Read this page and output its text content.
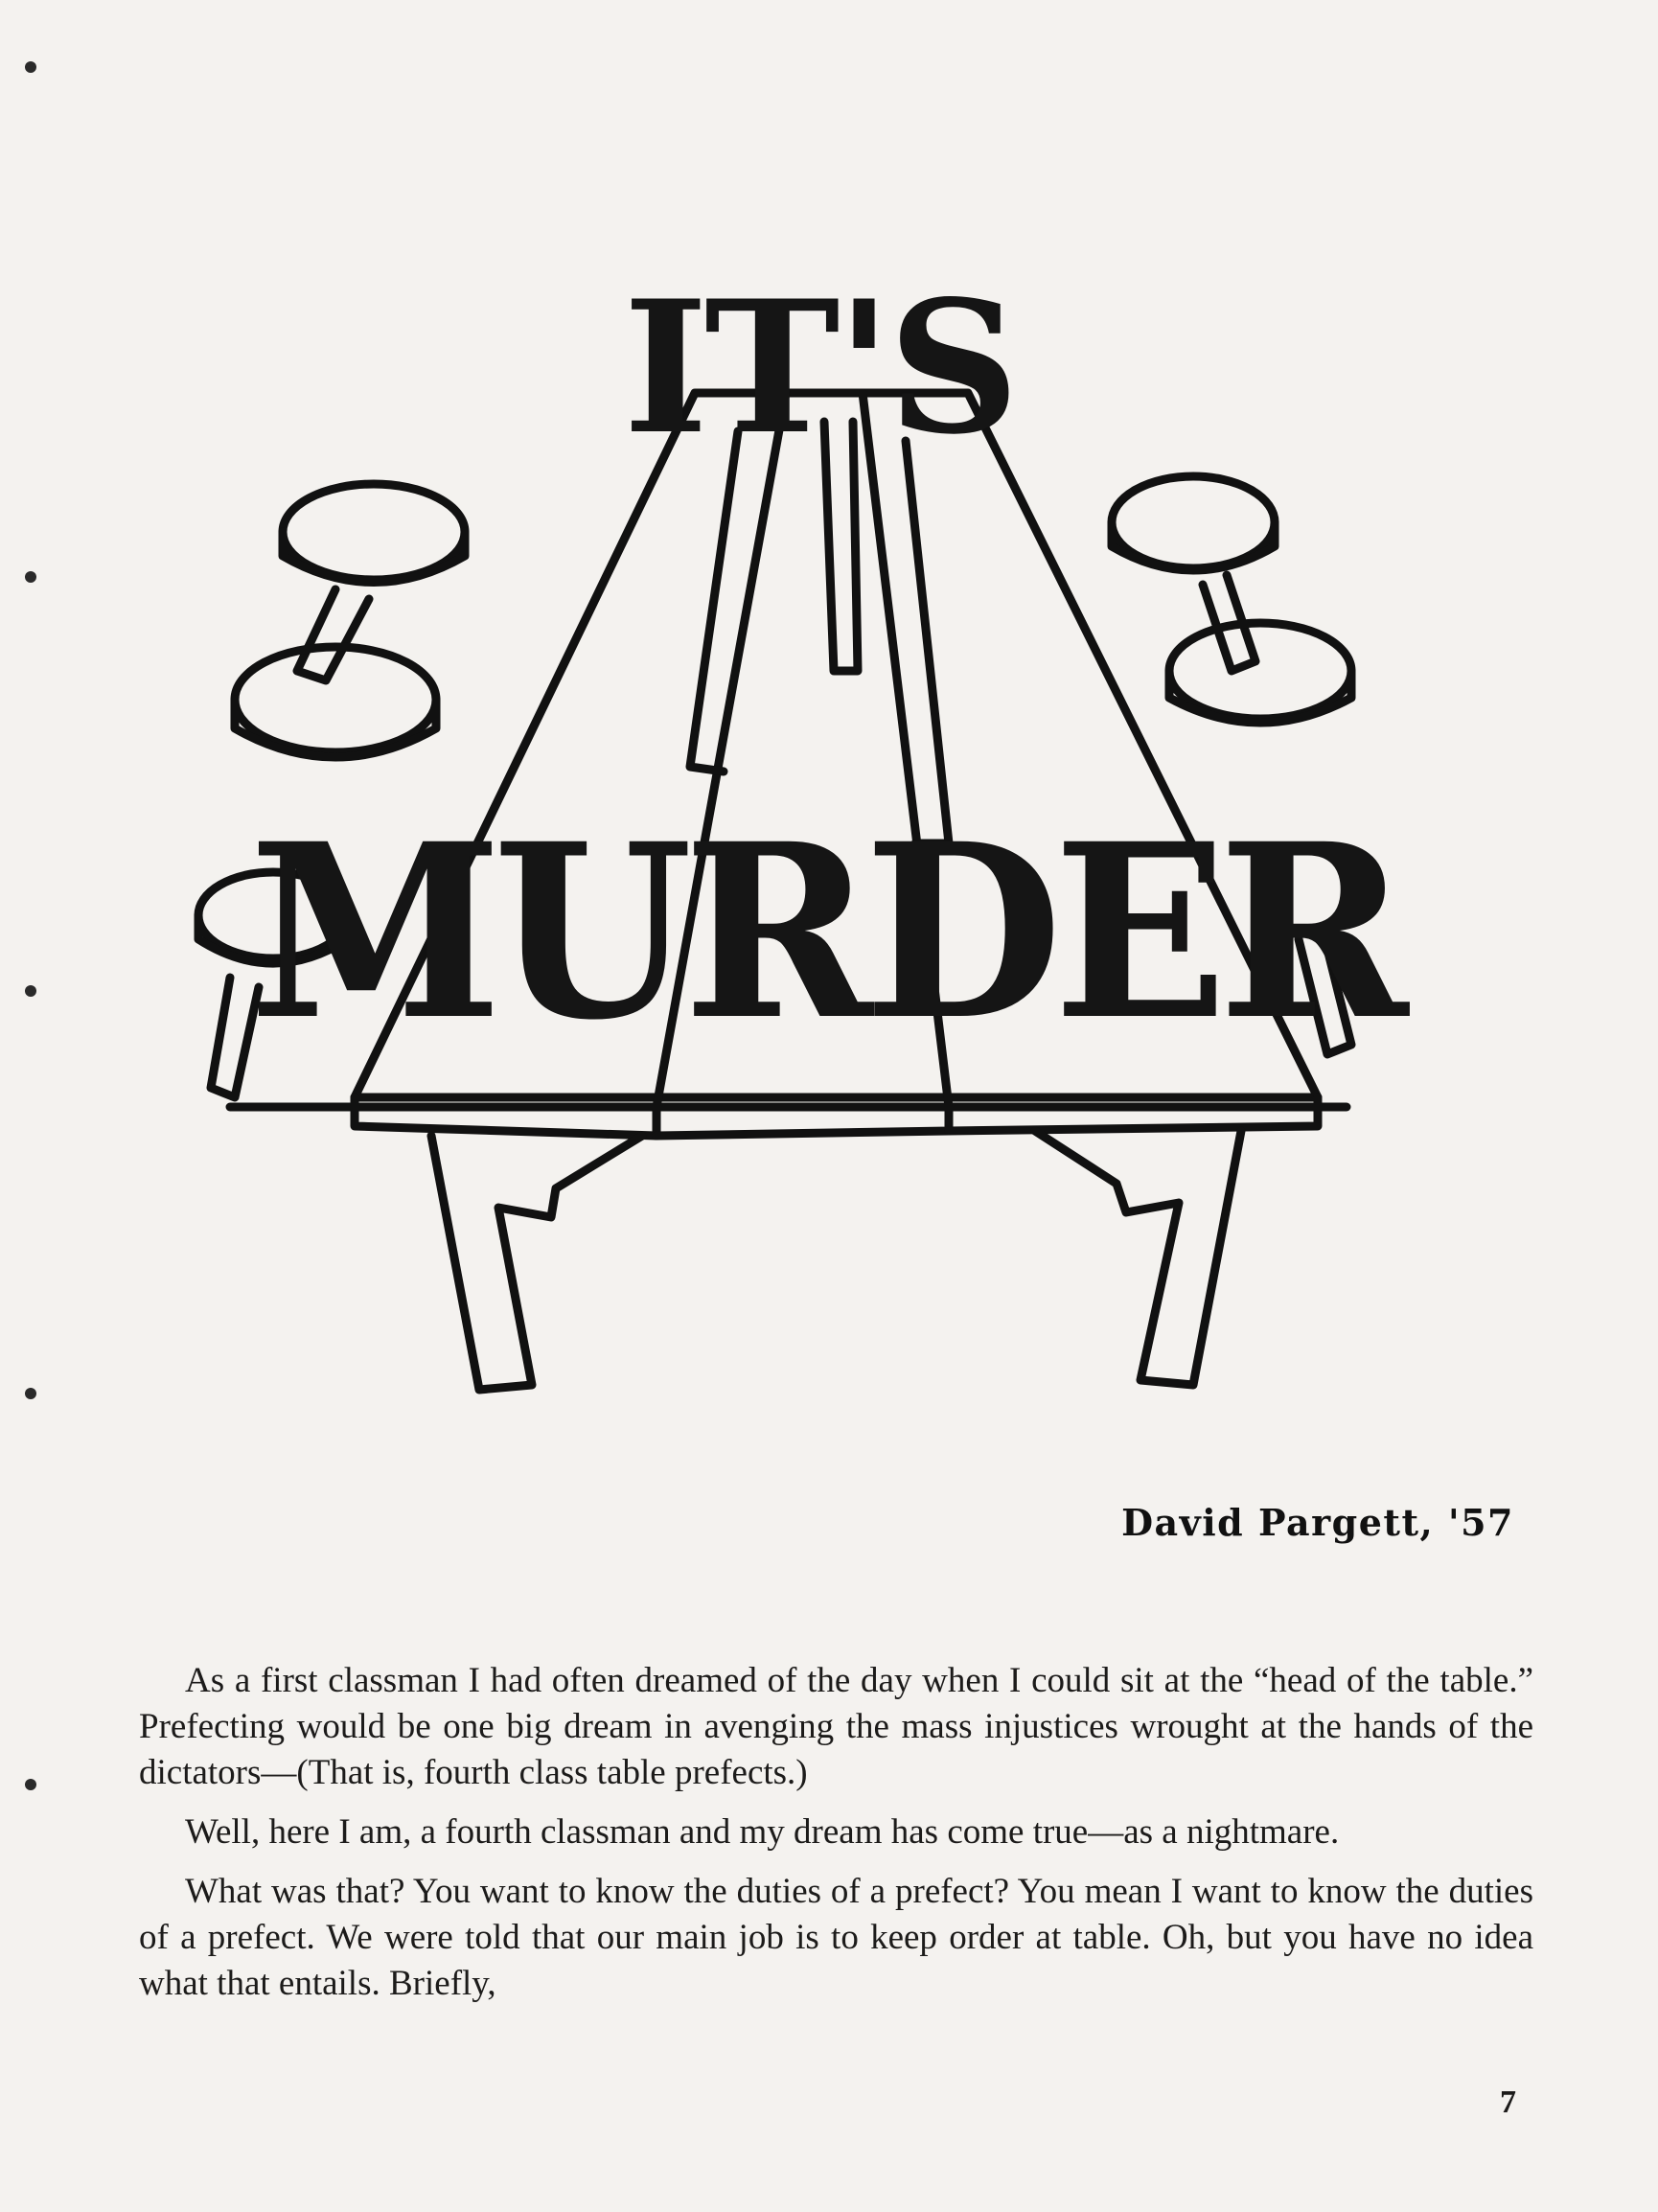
IT'S
MURDER
David Pargett, '57

As a first classman I had often dreamed of the day when I could sit at the “head of the table.” Prefecting would be one big dream in avenging the mass injustices wrought at the hands of the dictators—(That is, fourth class table prefects.)

Well, here I am, a fourth classman and my dream has come true—as a nightmare.

What was that? You want to know the duties of a prefect? You mean I want to know the duties of a prefect. We were told that our main job is to keep order at table. Oh, but you have no idea what that entails. Briefly,

7
